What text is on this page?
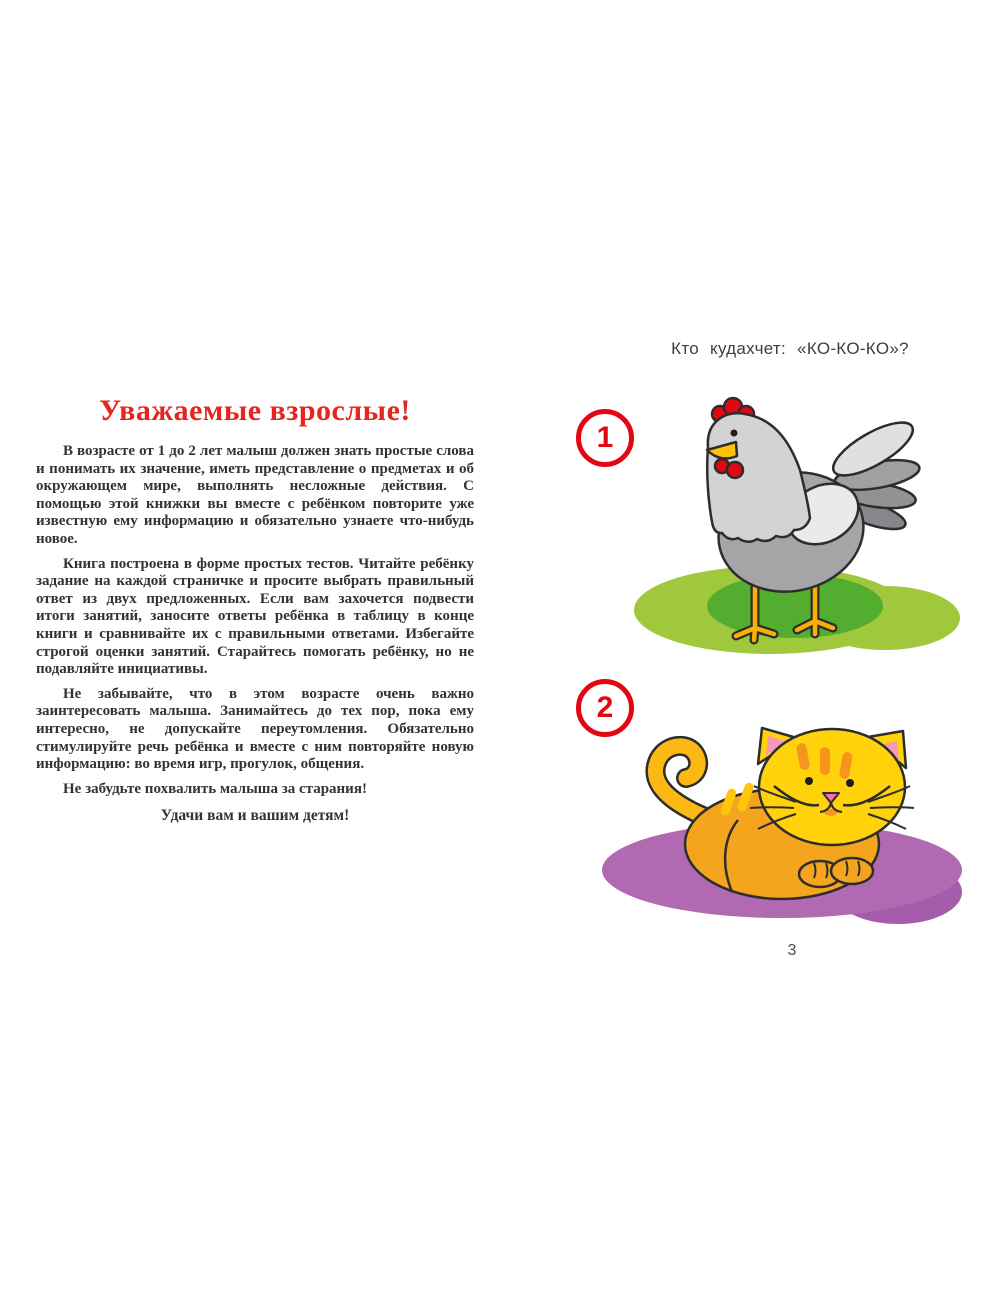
Уважаемые взрослые!

В возрасте от 1 до 2 лет малыш должен знать простые слова и понимать их значение, иметь представление о предметах и об окружающем мире, выполнять несложные действия. С помощью этой книжки вы вместе с ребёнком повторите уже известную ему информацию и обязательно узнаете что-нибудь новое.

Книга построена в форме простых тестов. Читайте ребёнку задание на каждой страничке и просите выбрать правильный ответ из двух предложенных. Если вам захочется подвести итоги занятий, заносите ответы ребёнка в таблицу в конце книги и сравнивайте их с правильными ответами. Избегайте строгой оценки занятий. Старайтесь помогать ребёнку, но не подавляйте инициативы.

Не забывайте, что в этом возрасте очень важно заинтересовать малыша. Занимайтесь до тех пор, пока ему интересно, не допускайте переутомления. Обязательно стимулируйте речь ребёнка и вместе с ним повторяйте новую информацию: во время игр, прогулок, общения.

Не забудьте похвалить малыша за старания!

Удачи вам и вашим детям!
Кто кудахчет: «КО-КО-КО»?
1
2
3
